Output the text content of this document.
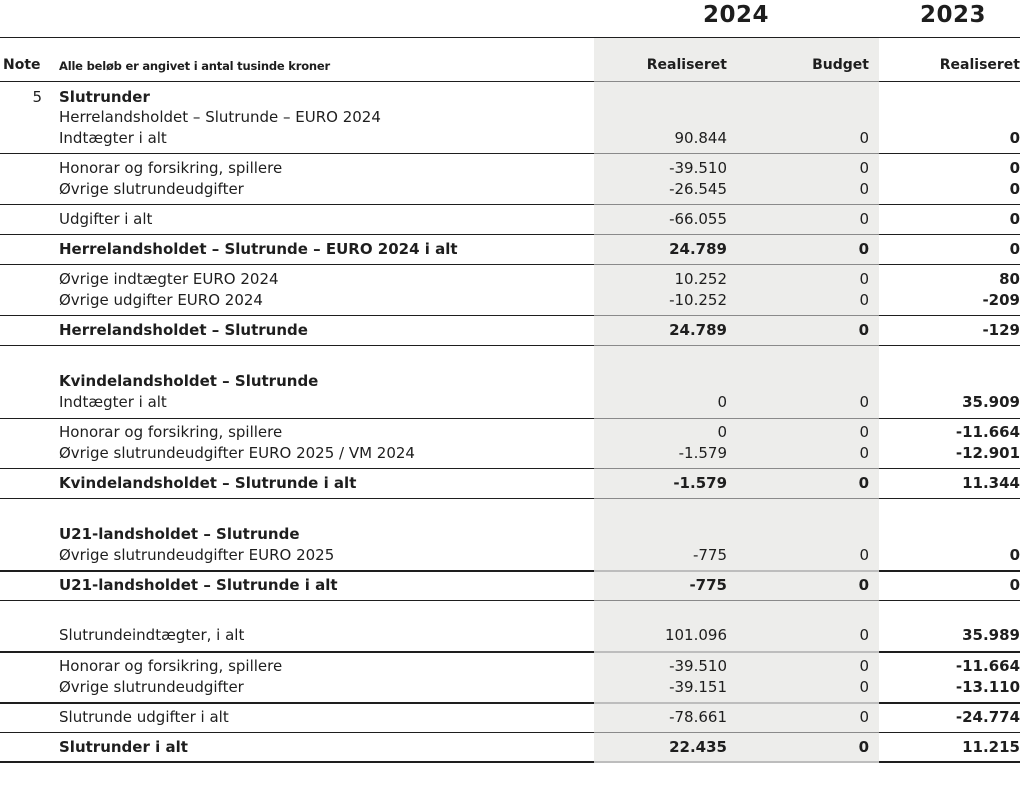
2024	2023
Note Alle beløb er angivet i antal tusinde kroner	Realiseret	Budget	Realiseret
5 Slutrunder
Herrelandsholdet – Slutrunde – EURO 2024
Indtægter i alt	90.844	0	0
Honorar og forsikring, spillere	-39.510	0	0
Øvrige slutrundeudgifter	-26.545	0	0
Udgifter i alt	-66.055	0	0
Herrelandsholdet – Slutrunde – EURO 2024 i alt	24.789	0	0
Øvrige indtægter EURO 2024	10.252	0	80
Øvrige udgifter EURO 2024	-10.252	0	-209
Herrelandsholdet – Slutrunde	24.789	0	-129
Kvindelandsholdet – Slutrunde
Indtægter i alt	0	0	35.909
Honorar og forsikring, spillere	0	0	-11.664
Øvrige slutrundeudgifter EURO 2025 / VM 2024	-1.579	0	-12.901
Kvindelandsholdet – Slutrunde i alt	-1.579	0	11.344
U21-landsholdet – Slutrunde
Øvrige slutrundeudgifter EURO 2025	-775	0	0
U21-landsholdet – Slutrunde i alt	-775	0	0
Slutrundeindtægter, i alt	101.096	0	35.989
Honorar og forsikring, spillere	-39.510	0	-11.664
Øvrige slutrundeudgifter	-39.151	0	-13.110
Slutrunde udgifter i alt	-78.661	0	-24.774
Slutrunder i alt	22.435	0	11.215
